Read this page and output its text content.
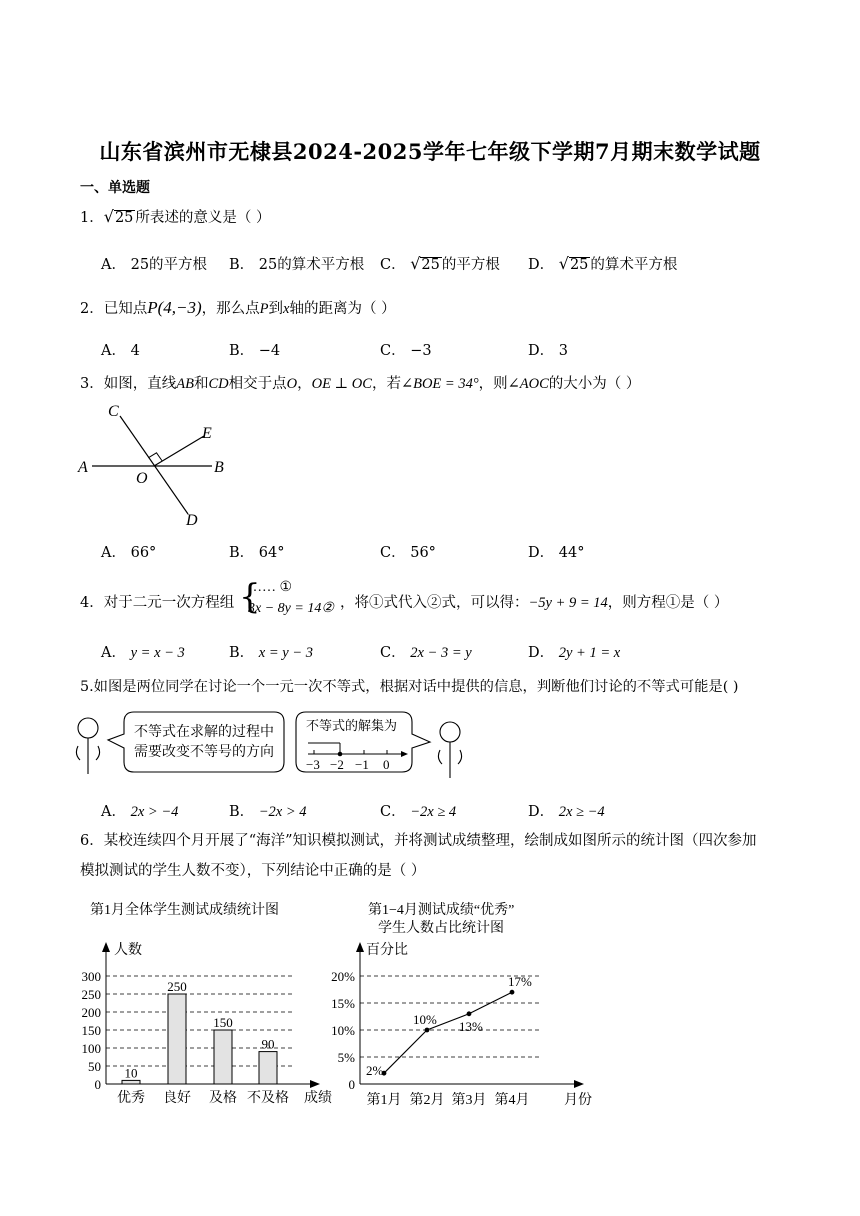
山东省滨州市无棣县2024-2025学年七年级下学期7月期末数学试题
一、单选题
1．√25 所表述的意义是（ ）
A． 25的平方根 B． 25的算术平方根 C． √25 的平方根 D． √25 的算术平方根
2．已知点P(4,−3)，那么点P到x轴的距离为（ ）
A． 4	B． −4	C． −3	D． 3
3．如图，直线AB和CD相交于点O，OE ⊥ OC，若∠BOE = 34°，则∠AOC的大小为（ ）
A	B
C
D
E
O
A． 66°	B． 64°	C． 56°	D． 44°
4．对于二元一次方程组 {
…… ①
3x − 8y = 14② ，将①式代入②式，可以得：−5y + 9 = 14，则方程①是（ ）
A． y = x − 3	B． x = y − 3	C． 2x − 3 = y	D． 2y + 1 = x
5.如图是两位同学在讨论一个一元一次不等式，根据对话中提供的信息，判断他们讨论的不等式可能是( )
不等式在求解的过程中
需要改变不等号的方向
不等式的解集为
−3 −2 −1 0
A． 2x > −4	B． −2x > 4	C． −2x ≥ 4	D． 2x ≥ −4
6．某校连续四个月开展了“海洋”知识模拟测试，并将测试成绩整理，绘制成如图所示的统计图（四次参加
模拟测试的学生人数不变），下列结论中正确的是（ ）
第1月全体学生测试成绩统计图
0
50
100
150
200
250
300
人数
成绩
10
优秀
250
良好
150
及格
90
不及格
第1−4月测试成绩“优秀”
学生人数占比统计图
0
5%
10%
15%
20%
百分比
月份
2%
第1月
10%
第2月
13%
第3月
17%
第4月
